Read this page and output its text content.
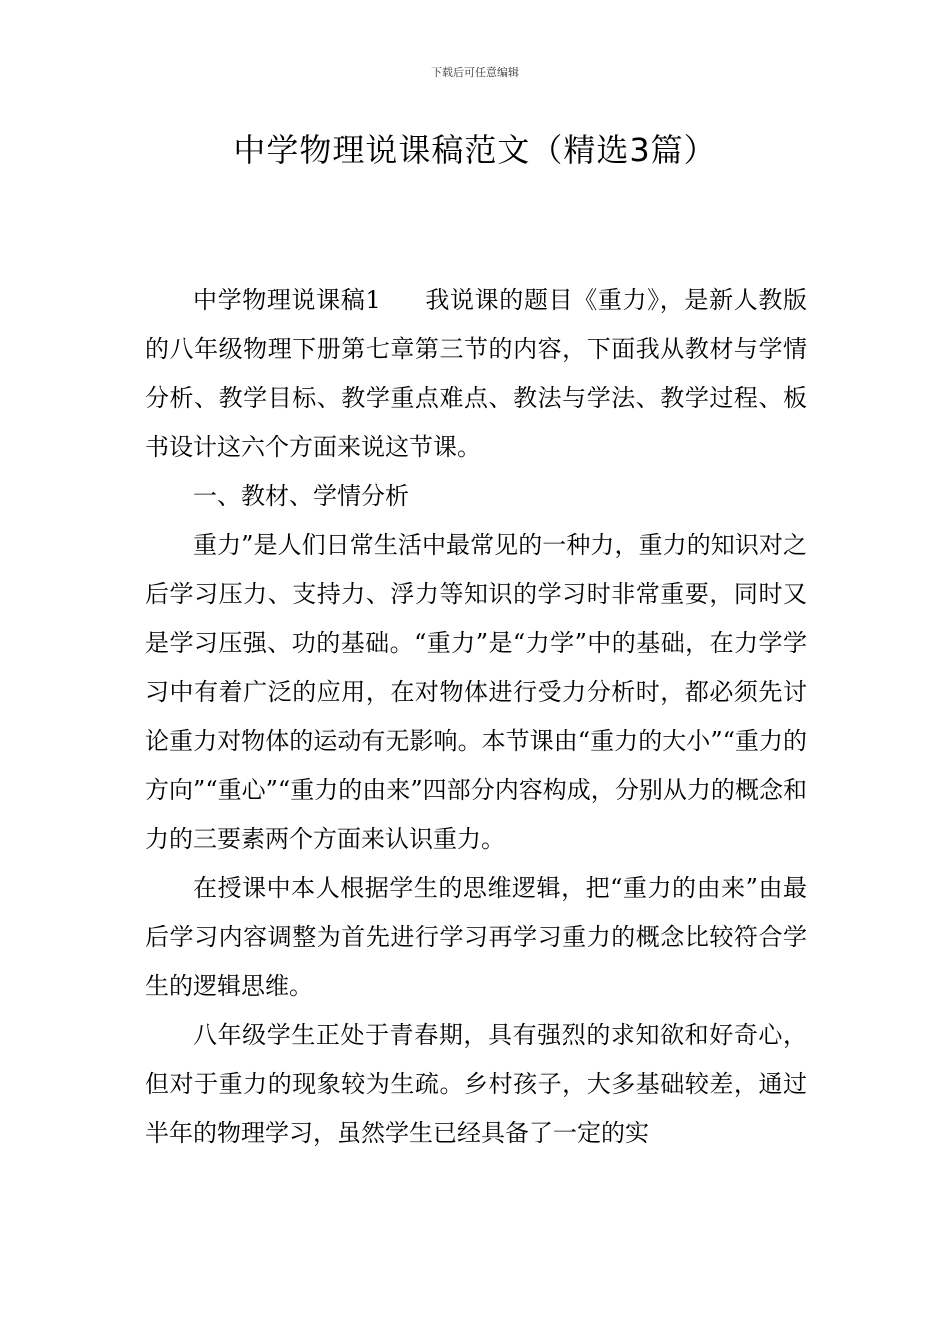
下载后可任意编辑
中学物理说课稿范文（精选3篇）

中学物理说课稿1 我说课的题目《重力》，是新人教版的八年级物理下册第七章第三节的内容，下面我从教材与学情分析、教学目标、教学重点难点、教法与学法、教学过程、板书设计这六个方面来说这节课。

一、教材、学情分析

重力”是人们日常生活中最常见的一种力，重力的知识对之后学习压力、支持力、浮力等知识的学习时非常重要，同时又是学习压强、功的基础。“重力”是“力学”中的基础，在力学学习中有着广泛的应用，在对物体进行受力分析时，都必须先讨论重力对物体的运动有无影响。本节课由“重力的大小”“重力的方向”“重心”“重力的由来”四部分内容构成，分别从力的概念和力的三要素两个方面来认识重力。

在授课中本人根据学生的思维逻辑，把“重力的由来”由最后学习内容调整为首先进行学习再学习重力的概念比较符合学生的逻辑思维。

八年级学生正处于青春期，具有强烈的求知欲和好奇心，但对于重力的现象较为生疏。乡村孩子，大多基础较差，通过半年的物理学习，虽然学生已经具备了一定的实
